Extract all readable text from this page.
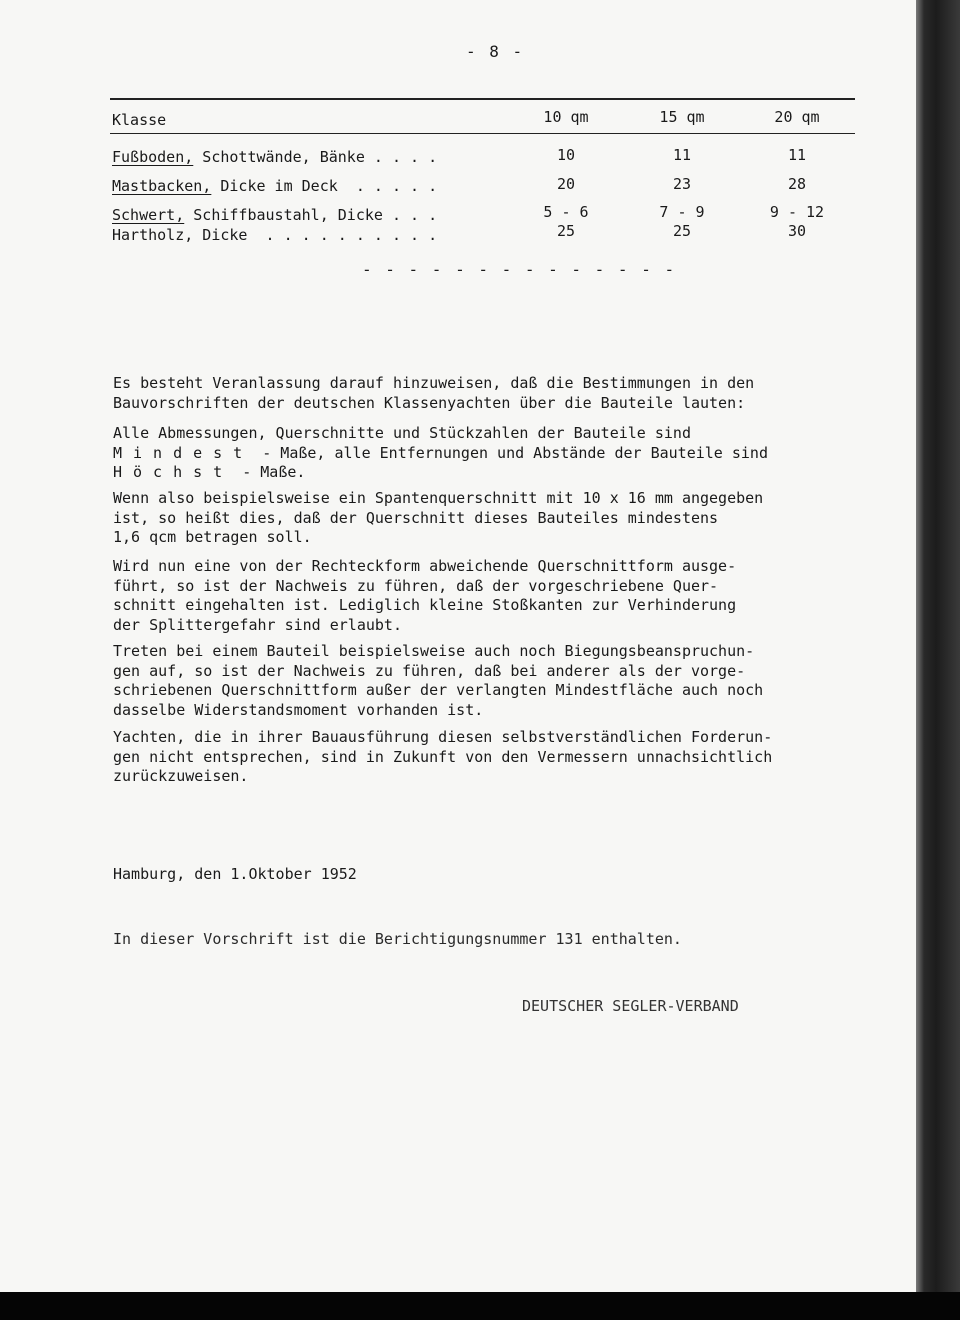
- 8 -
Klasse	10 qm	15 qm	20 qm
Fußboden, Schottwände, Bänke . . . .	10	11	11
Mastbacken, Dicke im Deck  . . . . .	20	23	28
Schwert, Schiffbaustahl, Dicke . . .	5 - 6	7 - 9	9 - 12
Hartholz, Dicke  . . . . . . . . . .	25	25	30
- - - - - - - - - - - - - -
Es besteht Veranlassung darauf hinzuweisen, daß die Bestimmungen in den
Bauvorschriften der deutschen Klassenyachten über die Bauteile lauten:
Alle Abmessungen, Querschnitte und Stückzahlen der Bauteile sind
Mindest - Maße, alle Entfernungen und Abstände der Bauteile sind
Höchst - Maße.
Wenn also beispielsweise ein Spantenquerschnitt mit 10 x 16 mm angegeben
ist, so heißt dies, daß der Querschnitt dieses Bauteiles mindestens
1,6 qcm betragen soll.
Wird nun eine von der Rechteckform abweichende Querschnittform ausge-
führt, so ist der Nachweis zu führen, daß der vorgeschriebene Quer-
schnitt eingehalten ist. Lediglich kleine Stoßkanten zur Verhinderung
der Splittergefahr sind erlaubt.
Treten bei einem Bauteil beispielsweise auch noch Biegungsbeanspruchun-
gen auf, so ist der Nachweis zu führen, daß bei anderer als der vorge-
schriebenen Querschnittform außer der verlangten Mindestfläche auch noch
dasselbe Widerstandsmoment vorhanden ist.
Yachten, die in ihrer Bauausführung diesen selbstverständlichen Forderun-
gen nicht entsprechen, sind in Zukunft von den Vermessern unnachsichtlich
zurückzuweisen.
Hamburg, den 1.Oktober 1952
In dieser Vorschrift ist die Berichtigungsnummer 131 enthalten.
DEUTSCHER SEGLER-VERBAND
